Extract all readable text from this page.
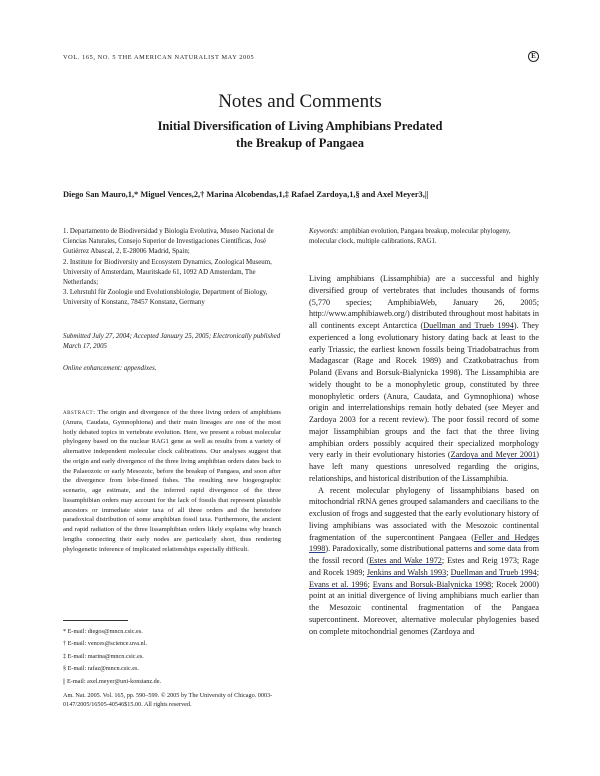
VOL. 165, NO. 5 THE AMERICAN NATURALIST MAY 2005	E
Notes and Comments
Initial Diversification of Living Amphibians Predated the Breakup of Pangaea
Diego San Mauro,1,* Miguel Vences,2,† Marina Alcobendas,1,‡ Rafael Zardoya,1,§ and Axel Meyer3,||

1. Departamento de Biodiversidad y Biología Evolutiva, Museo Nacional de Ciencias Naturales, Consejo Superior de Investigaciones Científicas, José Gutiérrez Abascal, 2, E-28006 Madrid, Spain;

2. Institute for Biodiversity and Ecosystem Dynamics, Zoological Museum, University of Amsterdam, Mauritskade 61, 1092 AD Amsterdam, The Netherlands;

3. Lehrstuhl für Zoologie und Evolutionsbiologie, Department of Biology, University of Konstanz, 78457 Konstanz, Germany

Submitted July 27, 2004; Accepted January 25, 2005; Electronically published March 17, 2005
Online enhancement: appendixes.
abstract: The origin and divergence of the three living orders of amphibians (Anura, Caudata, Gymnophiona) and their main lineages are one of the most hotly debated topics in vertebrate evolution. Here, we present a robust molecular phylogeny based on the nuclear RAG1 gene as well as results from a variety of alternative independent molecular clock calibrations. Our analyses suggest that the origin and early divergence of the three living amphibian orders dates back to the Palaeozoic or early Mesozoic, before the breakup of Pangaea, and soon after the divergence from lobe-finned fishes. The resulting new biogeographic scenario, age estimate, and the inferred rapid divergence of the three lissamphibian orders may account for the lack of fossils that represent plausible ancestors or immediate sister taxa of all three orders and the heretofore paradoxical distribution of some amphibian fossil taxa. Furthermore, the ancient and rapid radiation of the three lissamphibian orders likely explains why branch lengths connecting their early nodes are particularly short, thus rendering phylogenetic inference of implicated relationships especially difficult.
* E-mail: diegos@mncn.csic.es.
† E-mail: vences@science.uva.nl.
‡ E-mail: marina@mncn.csic.es.
§ E-mail: rafaz@mncn.csic.es.
|| E-mail: axel.meyer@uni-konstanz.de.
Am. Nat. 2005. Vol. 165, pp. 590–599. © 2005 by The University of Chicago. 0003-0147/2005/16505-40546$15.00. All rights reserved.
Keywords: amphibian evolution, Pangaea breakup, molecular phylogeny, molecular clock, multiple calibrations, RAG1.

Living amphibians (Lissamphibia) are a successful and highly diversified group of vertebrates that includes thousands of forms (5,770 species; AmphibiaWeb, January 26, 2005; http://www.amphibiaweb.org/) distributed throughout most habitats in all continents except Antarctica (Duellman and Trueb 1994). They experienced a long evolutionary history dating back at least to the early Triassic, the earliest known fossils being Triadobatrachus from Madagascar (Rage and Rocek 1989) and Czatkobatrachus from Poland (Evans and Borsuk-Bialynicka 1998). The Lissamphibia are widely thought to be a monophyletic group, constituted by three monophyletic orders (Anura, Caudata, and Gymnophiona) whose origin and interrelationships remain hotly debated (see Meyer and Zardoya 2003 for a recent review). The poor fossil record of some major lissamphibian groups and the fact that the three living amphibian orders possibly acquired their specialized morphology very early in their evolutionary histories (Zardoya and Meyer 2001) have left many questions unresolved regarding the origins, relationships, and historical distribution of the Lissamphibia.

A recent molecular phylogeny of lissamphibians based on mitochondrial rRNA genes grouped salamanders and caecilians to the exclusion of frogs and suggested that the early evolutionary history of living amphibians was associated with the Mesozoic continental fragmentation of the supercontinent Pangaea (Feller and Hedges 1998). Paradoxically, some distributional patterns and some data from the fossil record (Estes and Wake 1972; Estes and Reig 1973; Rage and Rocek 1989; Jenkins and Walsh 1993; Duellman and Trueb 1994; Evans et al. 1996; Evans and Borsuk-Bialynicka 1998; Rocek 2000) point at an initial divergence of living amphibians much earlier than the Mesozoic continental fragmentation of the Pangaea supercontinent. Moreover, alternative molecular phylogenies based on complete mitochondrial genomes (Zardoya and
